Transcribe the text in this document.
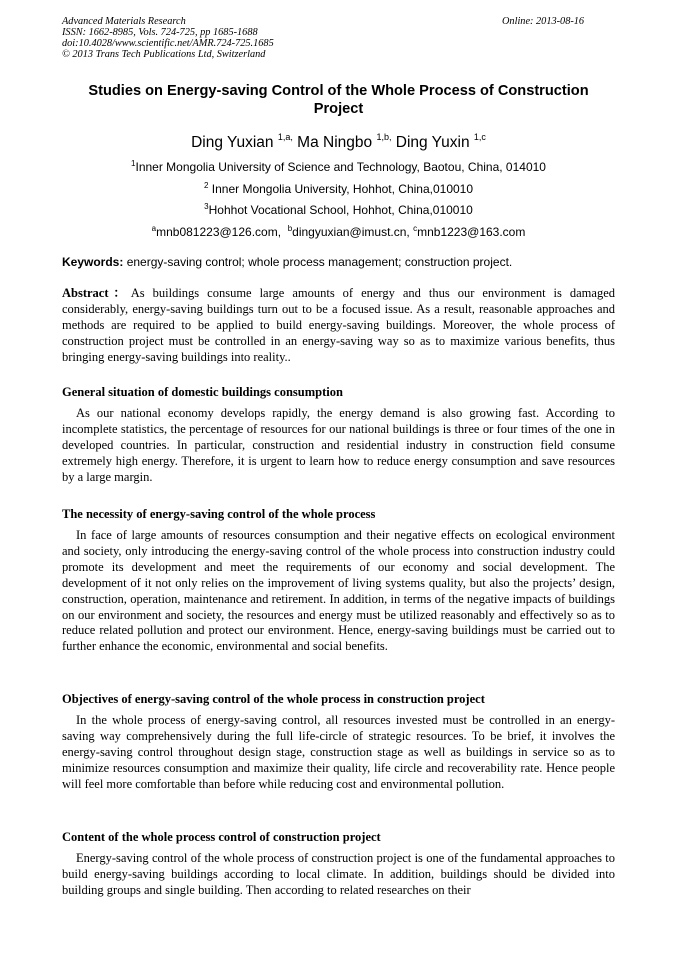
Advanced Materials Research
ISSN: 1662-8985, Vols. 724-725, pp 1685-1688
doi:10.4028/www.scientific.net/AMR.724-725.1685
© 2013 Trans Tech Publications Ltd, Switzerland
Online: 2013-08-16
Studies on Energy-saving Control of the Whole Process of Construction
Project
Ding Yuxian $^{1,a,}$ Ma Ningbo $^{1,b,}$ Ding Yuxin $^{1,c}$
$^1$Inner Mongolia University of Science and Technology, Baotou, China, 014010
$^2$ Inner Mongolia University, Hohhot, China,010010
$^3$Hohhot Vocational School, Hohhot, China,010010
$^a$mnb081223@126.com, $^b$dingyuxian@imust.cn, $^c$mnb1223@163.com
Keywords: energy-saving control; whole process management; construction project.
Abstract：As buildings consume large amounts of energy and thus our environment is damaged considerably, energy-saving buildings turn out to be a focused issue. As a result, reasonable approaches and methods are required to be applied to build energy-saving buildings. Moreover, the whole process of construction project must be controlled in an energy-saving way so as to maximize various benefits, thus bringing energy-saving buildings into reality..
General situation of domestic buildings consumption
As our national economy develops rapidly, the energy demand is also growing fast. According to incomplete statistics, the percentage of resources for our national buildings is three or four times of the one in developed countries. In particular, construction and residential industry in construction field consume extremely high energy. Therefore, it is urgent to learn how to reduce energy consumption and save resources by a large margin.
The necessity of energy-saving control of the whole process
In face of large amounts of resources consumption and their negative effects on ecological environment and society, only introducing the energy-saving control of the whole process into construction industry could promote its development and meet the requirements of our economy and social development. The development of it not only relies on the improvement of living systems quality, but also the projects’ design, construction, operation, maintenance and retirement. In addition, in terms of the negative impacts of buildings on our environment and society, the resources and energy must be utilized reasonably and effectively so as to reduce related pollution and protect our environment. Hence, energy-saving buildings must be carried out to further enhance the economic, environmental and social benefits.
Objectives of energy-saving control of the whole process in construction project
In the whole process of energy-saving control, all resources invested must be controlled in an energy-saving way comprehensively during the full life-circle of strategic resources. To be brief, it involves the energy-saving control throughout design stage, construction stage as well as buildings in service so as to minimize resources consumption and maximize their quality, life circle and recoverability rate. Hence people will feel more comfortable than before while reducing cost and environmental pollution.
Content of the whole process control of construction project
Energy-saving control of the whole process of construction project is one of the fundamental approaches to build energy-saving buildings according to local climate. In addition, buildings should be divided into building groups and single building. Then according to related researches on their
